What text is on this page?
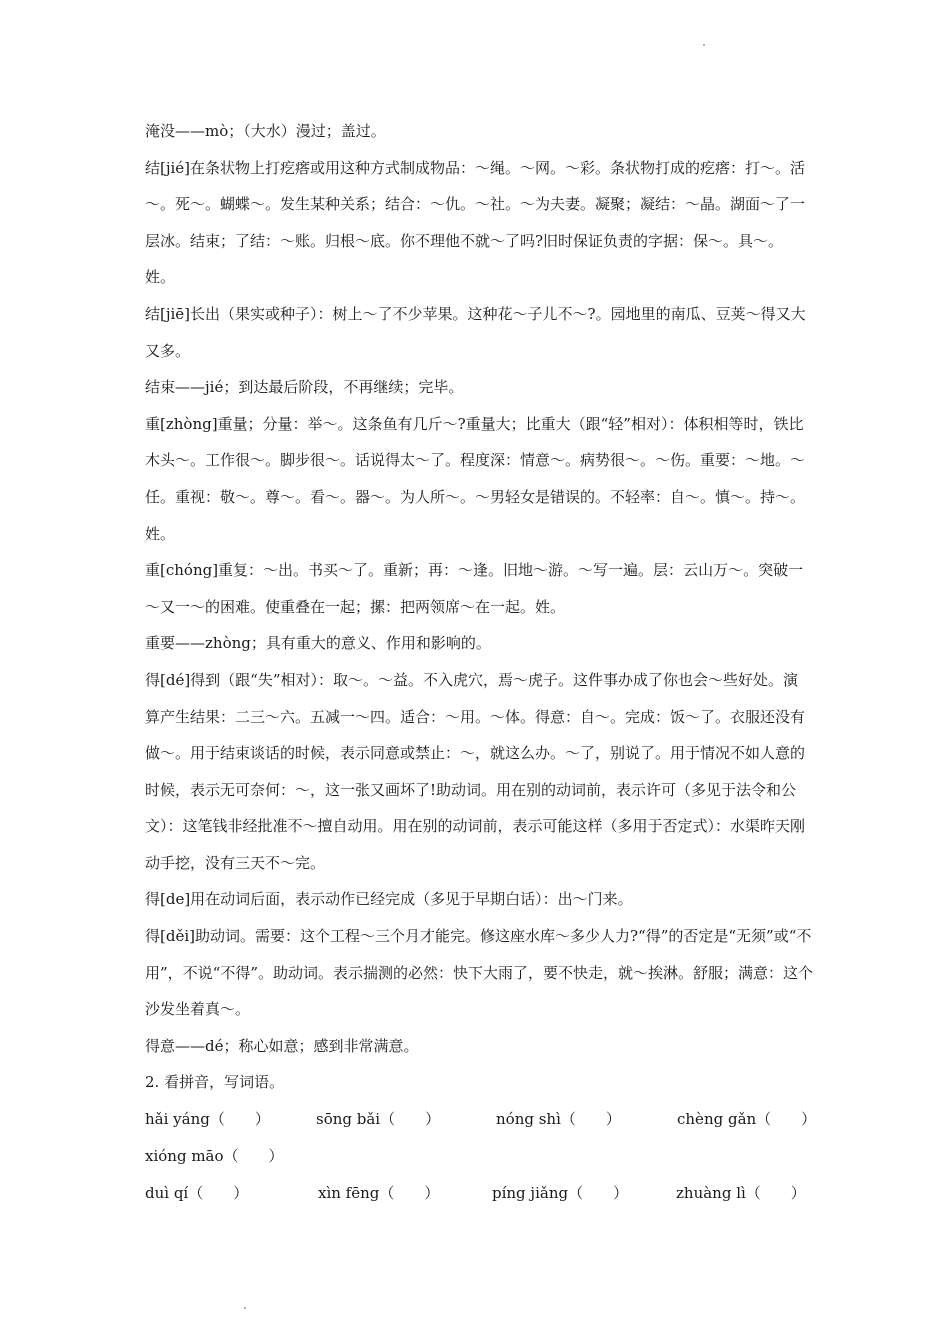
淹没——mò；（大水）漫过；盖过。

结[jié]在条状物上打疙瘩或用这种方式制成物品：～绳。～网。～彩。条状物打成的疙瘩：打～。活～。死～。蝴蝶～。发生某种关系；结合：～仇。～社。～为夫妻。凝聚；凝结：～晶。湖面～了一层冰。结束；了结：～账。归根～底。你不理他不就～了吗?旧时保证负责的字据：保～。具～。姓。

结[jiē]长出（果实或种子）：树上～了不少苹果。这种花～子儿不～?。园地里的南瓜、豆荚～得又大又多。

结束——jié；到达最后阶段，不再继续；完毕。

重[zhòng]重量；分量：举～。这条鱼有几斤～?重量大；比重大（跟“轻”相对）：体积相等时，铁比木头～。工作很～。脚步很～。话说得太～了。程度深：情意～。病势很～。～伤。重要：～地。～任。重视：敬～。尊～。看～。器～。为人所～。～男轻女是错误的。不轻率：自～。慎～。持～。姓。

重[chóng]重复：～出。书买～了。重新；再：～逢。旧地～游。～写一遍。层：云山万～。突破一～又一～的困难。使重叠在一起；摞：把两领席～在一起。姓。

重要——zhòng；具有重大的意义、作用和影响的。

得[dé]得到（跟“失”相对）：取～。～益。不入虎穴，焉～虎子。这件事办成了你也会～些好处。演算产生结果：二三～六。五减一～四。适合：～用。～体。得意：自～。完成：饭～了。衣服还没有做～。用于结束谈话的时候，表示同意或禁止：～，就这么办。～了，别说了。用于情况不如人意的时候，表示无可奈何：～，这一张又画坏了!助动词。用在别的动词前，表示许可（多见于法令和公文）：这笔钱非经批准不～擅自动用。用在别的动词前，表示可能这样（多用于否定式）：水渠昨天刚动手挖，没有三天不～完。

得[de]用在动词后面，表示动作已经完成（多见于早期白话）：出～门来。

得[děi]助动词。需要：这个工程～三个月才能完。修这座水库～多少人力?“得”的否定是“无须”或“不用”，不说“不得”。助动词。表示揣测的必然：快下大雨了，要不快走，就～挨淋。舒服；满意：这个沙发坐着真～。

得意——dé；称心如意；感到非常满意。

2. 看拼音，写词语。

hǎi yáng（　　）	sōng bǎi（　　）	nóng shì（　　）	chèng gǎn（　　）
xióng māo（　　）
duì qí（　　）	xìn fēng（　　）	píng jiǎng（　　）	zhuàng lì（　　）
